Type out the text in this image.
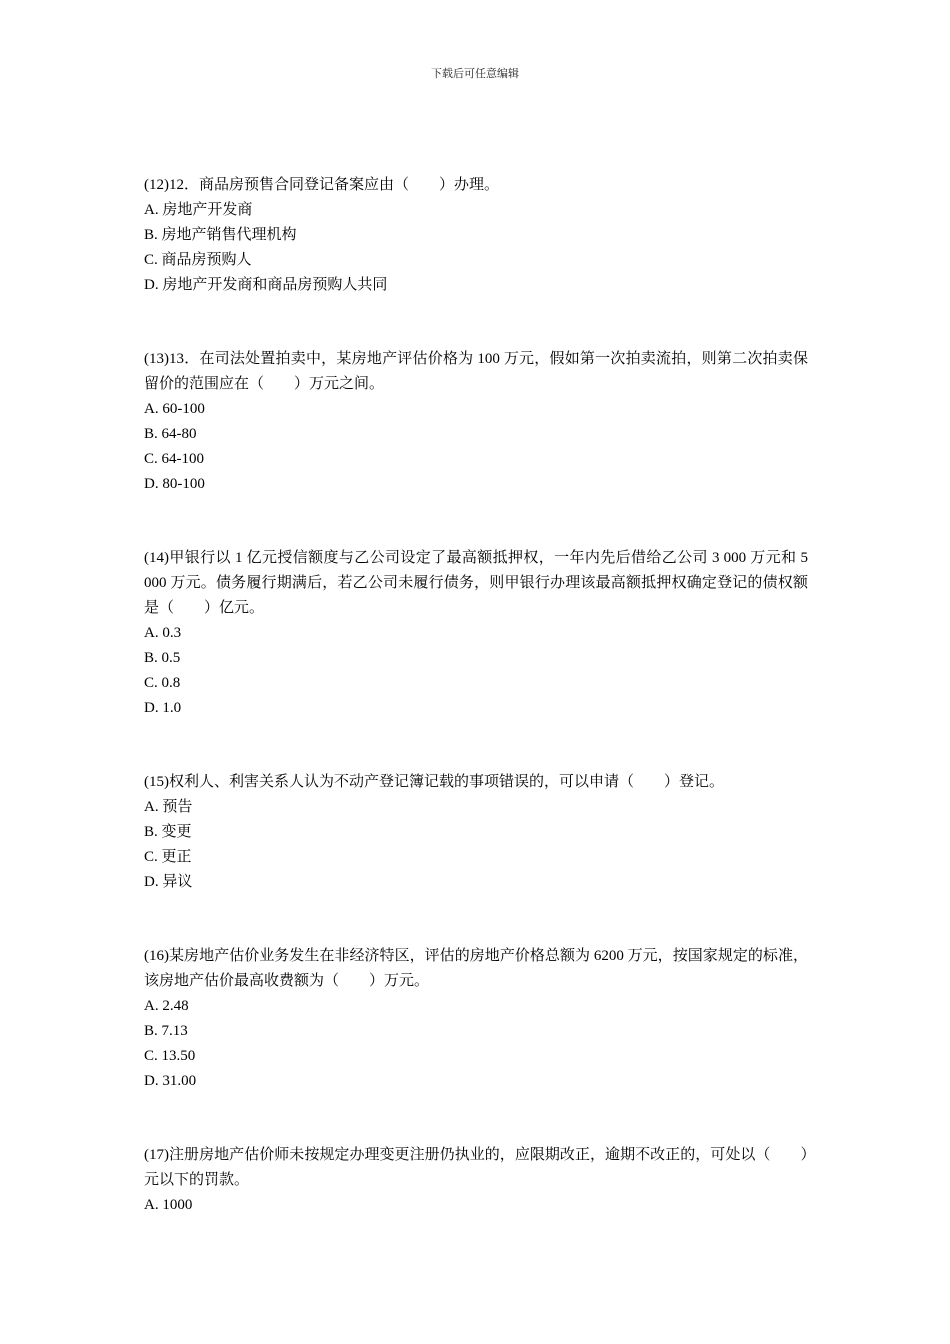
下载后可任意编辑

(12)12．商品房预售合同登记备案应由（　　）办理。

A. 房地产开发商

B. 房地产销售代理机构

C. 商品房预购人

D. 房地产开发商和商品房预购人共同

(13)13．在司法处置拍卖中，某房地产评估价格为 100 万元，假如第一次拍卖流拍，则第二次拍卖保留价的范围应在（　　）万元之间。

A. 60-100

B. 64-80

C. 64-100

D. 80-100

(14)甲银行以 1 亿元授信额度与乙公司设定了最高额抵押权，一年内先后借给乙公司 3 000 万元和 5 000 万元。债务履行期满后，若乙公司未履行债务，则甲银行办理该最高额抵押权确定登记的债权额是（　　）亿元。

A. 0.3

B. 0.5

C. 0.8

D. 1.0

(15)权利人、利害关系人认为不动产登记簿记载的事项错误的，可以申请（　　）登记。

A. 预告

B. 变更

C. 更正

D. 异议

(16)某房地产估价业务发生在非经济特区，评估的房地产价格总额为 6200 万元，按国家规定的标准，该房地产估价最高收费额为（　　）万元。

A. 2.48

B. 7.13

C. 13.50

D. 31.00

(17)注册房地产估价师未按规定办理变更注册仍执业的，应限期改正，逾期不改正的，可处以（　　）元以下的罚款。

A. 1000
